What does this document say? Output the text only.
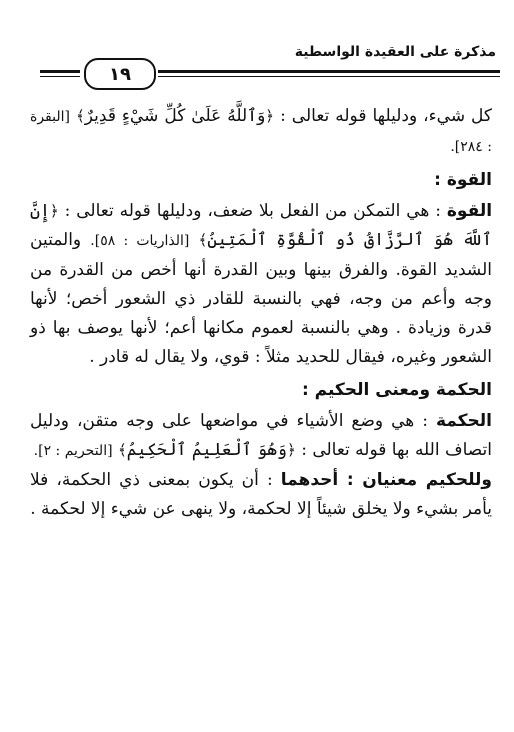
١٩
مذكرة على العقيدة الواسطية

كل شيء، ودليلها قوله تعالى : ﴿وَٱللَّهُ عَلَىٰ كُلِّ شَيْءٍ قَدِيرٌ﴾ [البقرة : ٢٨٤].

القوة :

القوة : هي التمكن من الفعل بلا ضعف، ودليلها قوله تعالى : ﴿إِنَّ ٱللَّهَ هُوَ ٱلرَّزَّاقُ ذُو ٱلْقُوَّةِ ٱلْمَتِينُ﴾ [الذاريات : ٥٨]. والمتين الشديد القوة. والفرق بينها وبين القدرة أنها أخص من القدرة من وجه وأعم من وجه، فهي بالنسبة للقادر ذي الشعور أخص؛ لأنها قدرة وزيادة . وهي بالنسبة لعموم مكانها أعم؛ لأنها يوصف بها ذو الشعور وغيره، فيقال للحديد مثلاً : قوي، ولا يقال له قادر .

الحكمة ومعنى الحكيم :

الحكمة : هي وضع الأشياء في مواضعها على وجه متقن، ودليل اتصاف الله بها قوله تعالى : ﴿وَهُوَ ٱلْعَلِيمُ ٱلْحَكِيمُ﴾ [التحريم : ٢].

وللحكيم معنيان : أحدهما : أن يكون بمعنى ذي الحكمة، فلا يأمر بشيء ولا يخلق شيئاً إلا لحكمة، ولا ينهى عن شيء إلا لحكمة .
